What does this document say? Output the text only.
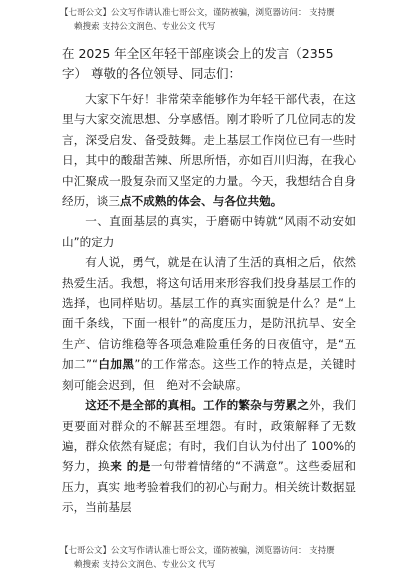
【七哥公文】公文写作请认准七哥公文，谨防被骗，浏览器访问： 支持赝
赖搜索 支持公文润色、专业公文 代写
在 2025 年全区年轻干部座谈会上的发言（2355
字） 尊敬的各位领导、同志们：

大家下午好！非常荣幸能够作为年轻干部代表，在这里与大家交流思想、分享感悟。刚才聆听了几位同志的发言，深受启发、备受鼓舞。走上基层工作岗位已有一些时日，其中的酸甜苦辣、所思所悟，亦如百川归海，在我心中汇聚成一股复杂而又坚定的力量。今天，我想结合自身经历，谈三点不成熟的体会、与各位共勉。

一、直面基层的真实，于磨砺中铸就“风雨不动安如山”的定力

有人说，勇气，就是在认清了生活的真相之后，依然热爱生活。我想，将这句话用来形容我们投身基层工作的选择，也同样贴切。基层工作的真实面貌是什么？是“上面千条线，下面一根针”的高度压力，是防汛抗旱、安全生产、信访维稳等各项急难险重任务的日夜值守，是“五加二”“白加黑”的工作常态。这些工作的特点是，关键时刻可能会迟到，但　绝对不会缺席。

这还不是全部的真相。工作的繁杂与劳累之外，我们更要面对群众的不解甚至埋怨。有时，政策解释了无数遍，群众依然有疑虑；有时，我们自认为付出了 100%的努力，换来 的是一句带着情绪的“不满意”。这些委屈和压力，真实 地考验着我们的初心与耐力。相关统计数据显示，当前基层

【七哥公文】公文写作请认准七哥公文，谨防被骗，浏览器访问： 支持赝
赖搜索 支持公文润色、专业公文 代写
